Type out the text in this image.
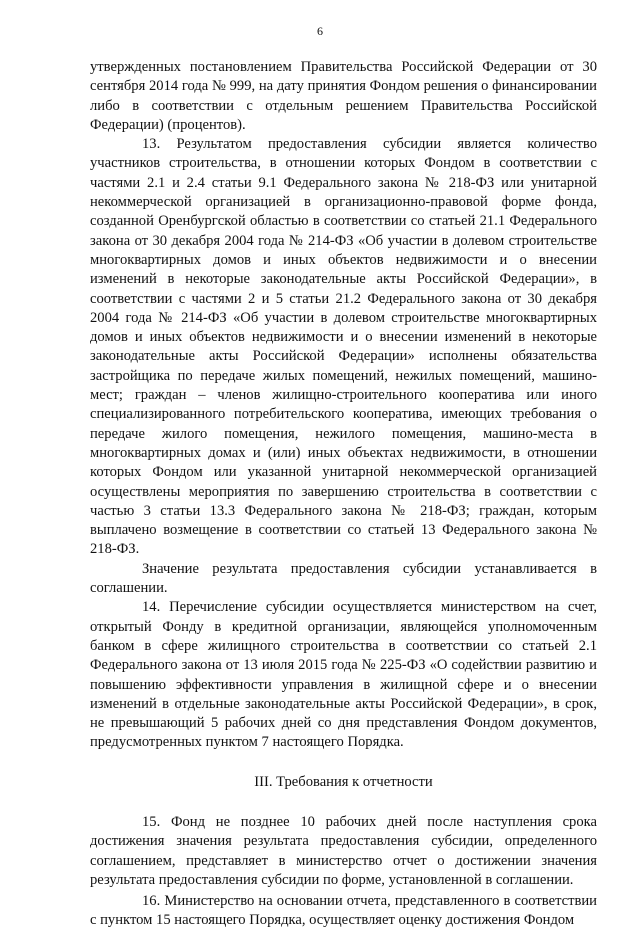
6

утвержденных постановлением Правительства Российской Федерации от 30 сентября 2014 года № 999, на дату принятия Фондом решения о финансировании либо в соответствии с отдельным решением Правительства Российской Федерации) (процентов).

13. Результатом предоставления субсидии является количество участников строительства, в отношении которых Фондом в соответствии с частями 2.1 и 2.4 статьи 9.1 Федерального закона № 218-ФЗ или унитарной некоммерческой организацией в организационно-правовой форме фонда, созданной Оренбургской областью в соответствии со статьей 21.1 Федерального закона от 30 декабря 2004 года № 214-ФЗ «Об участии в долевом строительстве многоквартирных домов и иных объектов недвижимости и о внесении изменений в некоторые законодательные акты Российской Федерации», в соответствии с частями 2 и 5 статьи 21.2 Федерального закона от 30 декабря 2004 года № 214-ФЗ «Об участии в долевом строительстве многоквартирных домов и иных объектов недвижимости и о внесении изменений в некоторые законодательные акты Российской Федерации» исполнены обязательства застройщика по передаче жилых помещений, нежилых помещений, машино-мест; граждан – членов жилищно-строительного кооператива или иного специализированного потребительского кооператива, имеющих требования о передаче жилого помещения, нежилого помещения, машино-места в многоквартирных домах и (или) иных объектах недвижимости, в отношении которых Фондом или указанной унитарной некоммерческой организацией осуществлены мероприятия по завершению строительства в соответствии с частью 3 статьи 13.3 Федерального закона № 218-ФЗ; граждан, которым выплачено возмещение в соответствии со статьей 13 Федерального закона № 218-ФЗ.

Значение результата предоставления субсидии устанавливается в соглашении.

14. Перечисление субсидии осуществляется министерством на счет, открытый Фонду в кредитной организации, являющейся уполномоченным банком в сфере жилищного строительства в соответствии со статьей 2.1 Федерального закона от 13 июля 2015 года № 225-ФЗ «О содействии развитию и повышению эффективности управления в жилищной сфере и о внесении изменений в отдельные законодательные акты Российской Федерации», в срок, не превышающий 5 рабочих дней со дня представления Фондом документов, предусмотренных пунктом 7 настоящего Порядка.

III. Требования к отчетности

15. Фонд не позднее 10 рабочих дней после наступления срока достижения значения результата предоставления субсидии, определенного соглашением, представляет в министерство отчет о достижении значения результата предоставления субсидии по форме, установленной в соглашении.

16. Министерство на основании отчета, представленного в соответствии с пунктом 15 настоящего Порядка, осуществляет оценку достижения Фондом
